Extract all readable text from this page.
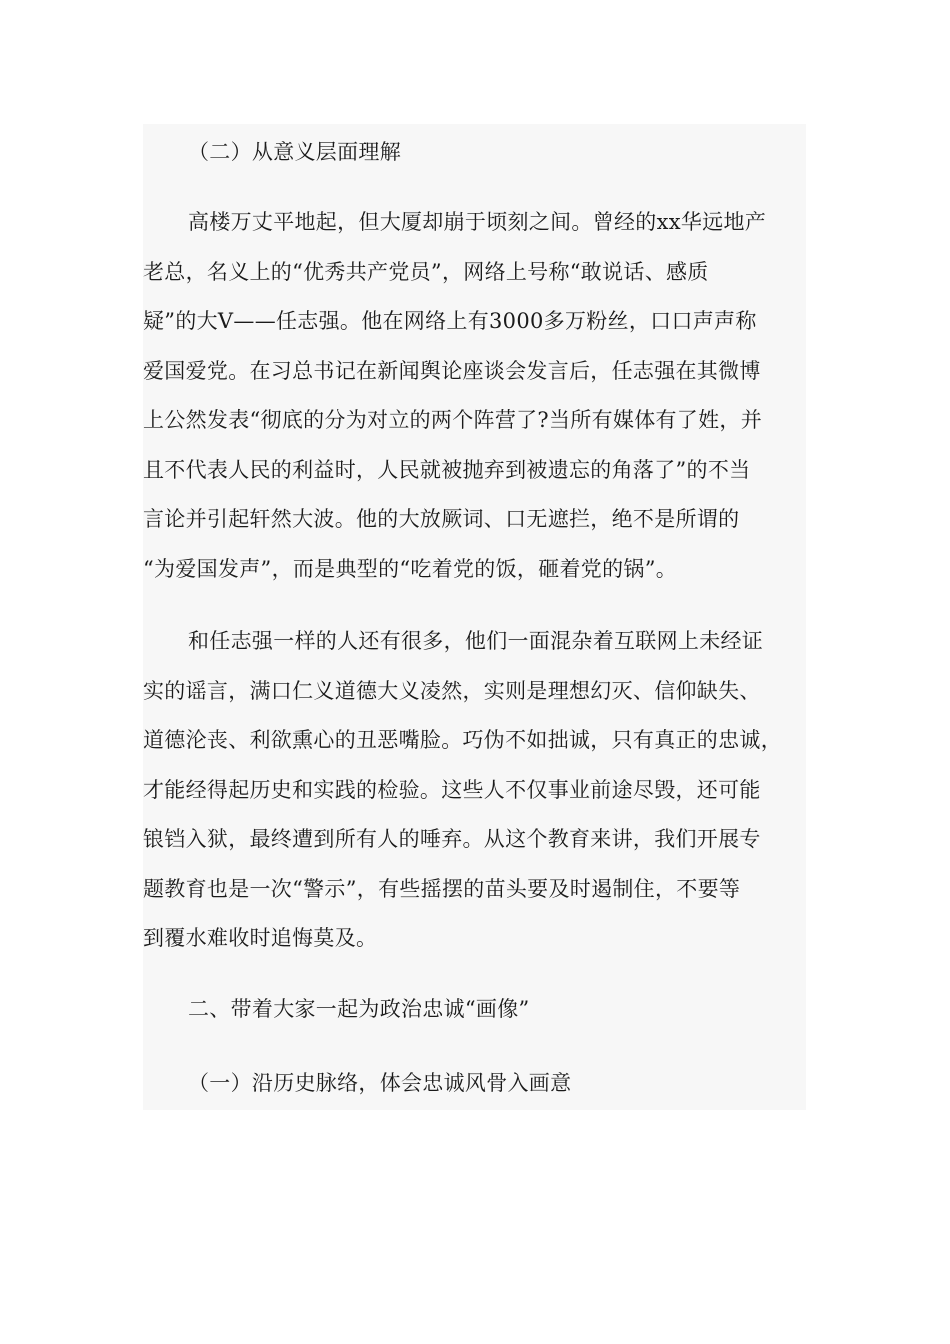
（二）从意义层面理解

高楼万丈平地起，但大厦却崩于顷刻之间。曾经的xx华远地产
老总，名义上的“优秀共产党员”，网络上号称“敢说话、感质
疑”的大V——任志强。他在网络上有3000多万粉丝，口口声声称
爱国爱党。在习总书记在新闻舆论座谈会发言后，任志强在其微博
上公然发表“彻底的分为对立的两个阵营了?当所有媒体有了姓，并
且不代表人民的利益时，人民就被抛弃到被遗忘的角落了”的不当
言论并引起轩然大波。他的大放厥词、口无遮拦，绝不是所谓的
“为爱国发声”，而是典型的“吃着党的饭，砸着党的锅”。
和任志强一样的人还有很多，他们一面混杂着互联网上未经证
实的谣言，满口仁义道德大义凌然，实则是理想幻灭、信仰缺失、
道德沦丧、利欲熏心的丑恶嘴脸。巧伪不如拙诚，只有真正的忠诚，
才能经得起历史和实践的检验。这些人不仅事业前途尽毁，还可能
锒铛入狱，最终遭到所有人的唾弃。从这个教育来讲，我们开展专
题教育也是一次“警示”，有些摇摆的苗头要及时遏制住，不要等
到覆水难收时追悔莫及。

二、带着大家一起为政治忠诚“画像”

（一）沿历史脉络，体会忠诚风骨入画意
